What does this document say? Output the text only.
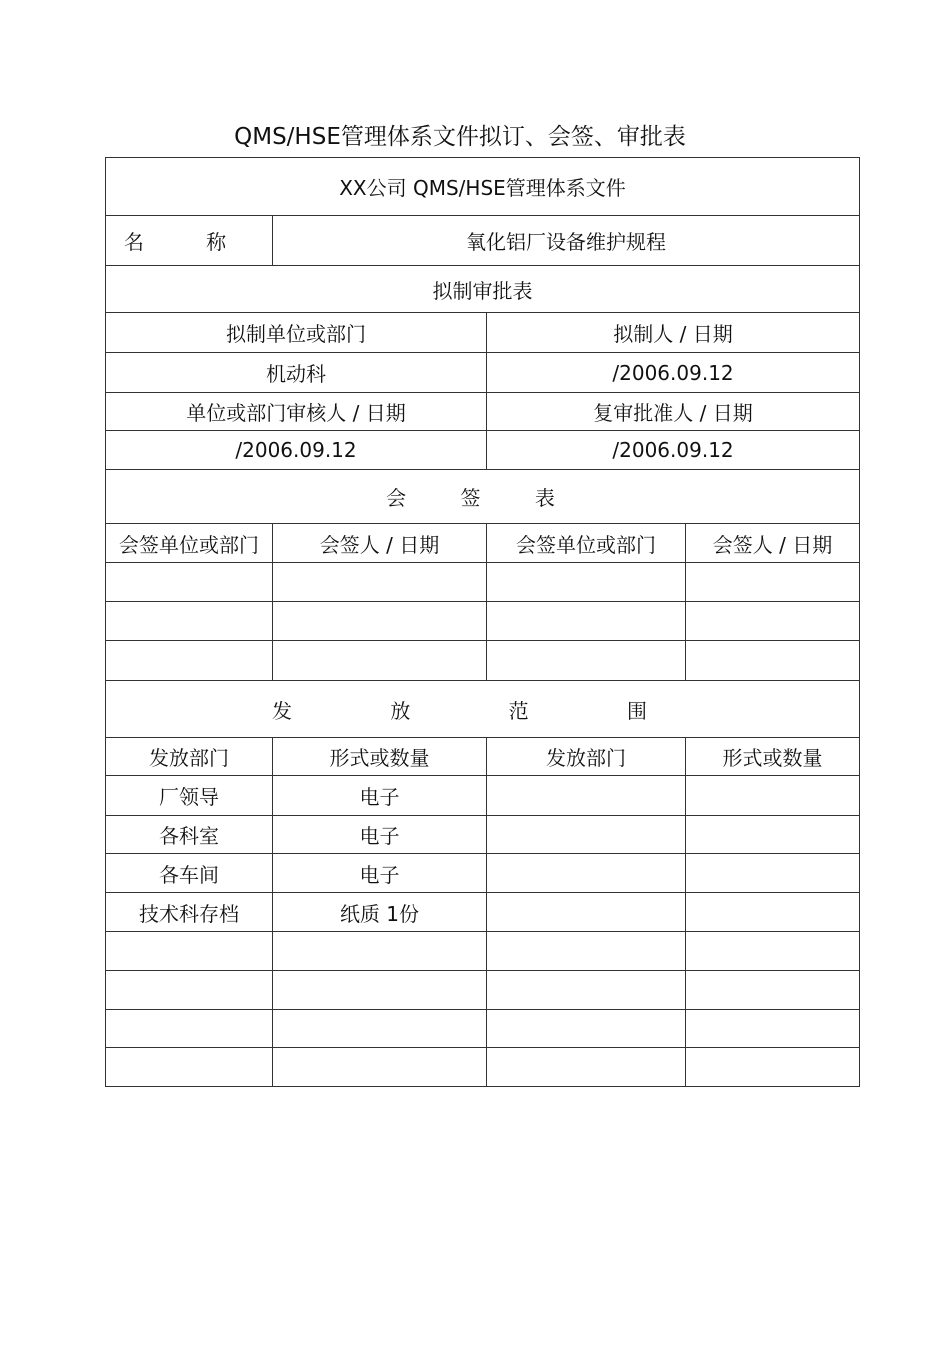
QMS/HSE管理体系文件拟订、会签、审批表
XX公司 QMS/HSE管理体系文件			
名 称	氧化铝厂设备维护规程		
拟制审批表			
拟制单位或部门		拟制人 / 日期	
机动科		/2006.09.12	
单位或部门审核人 / 日期		复审批准人 / 日期	
/2006.09.12		/2006.09.12	
会 签 表			
会签单位或部门	会签人 / 日期	会签单位或部门	会签人 / 日期

发 放 范 围			
发放部门	形式或数量	发放部门	形式或数量
厂领导	电子		
各科室	电子		
各车间	电子		
技术科存档	纸质 1份		
